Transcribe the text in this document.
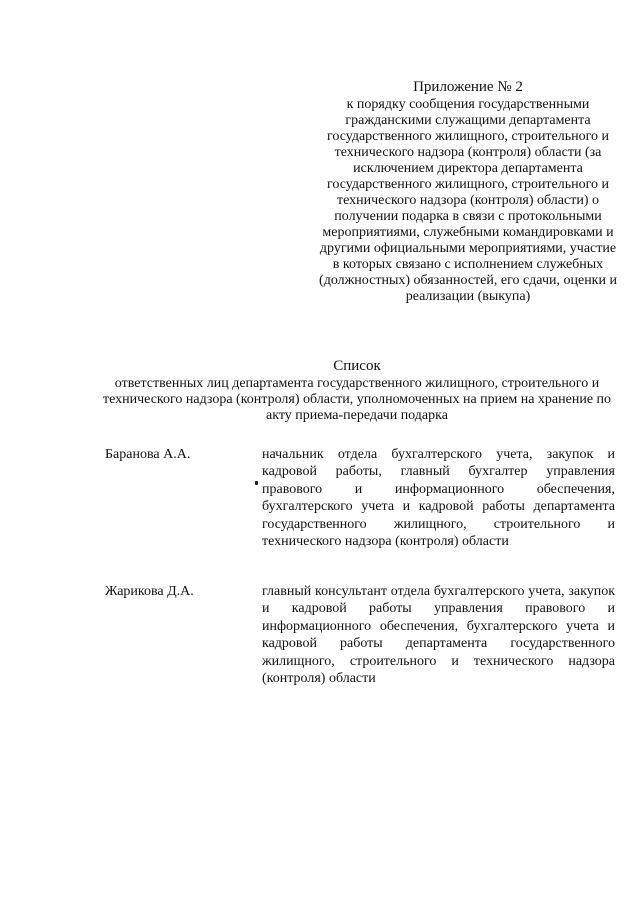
Приложение № 2
к порядку сообщения государственными гражданскими служащими департамента государственного жилищного, строительного и технического надзора (контроля) области (за исключением директора департамента государственного жилищного, строительного и технического надзора (контроля) области) о получении подарка в связи с протокольными мероприятиями, служебными командировками и другими официальными мероприятиями, участие в которых связано с исполнением служебных (должностных) обязанностей, его сдачи, оценки и реализации (выкупа)
Список
ответственных лиц департамента государственного жилищного, строительного и технического надзора (контроля) области, уполномоченных на прием на хранение по акту приема-передачи подарка
Баранова А.А.	начальник отдела бухгалтерского учета, закупок и кадровой работы, главный бухгалтер управления правового и информационного обеспечения, бухгалтерского учета и кадровой работы департамента государственного жилищного, строительного и технического надзора (контроля) области
Жарикова Д.А.	главный консультант отдела бухгалтерского учета, закупок и кадровой работы управления правового и информационного обеспечения, бухгалтерского учета и кадровой работы департамента государственного жилищного, строительного и технического надзора (контроля) области
